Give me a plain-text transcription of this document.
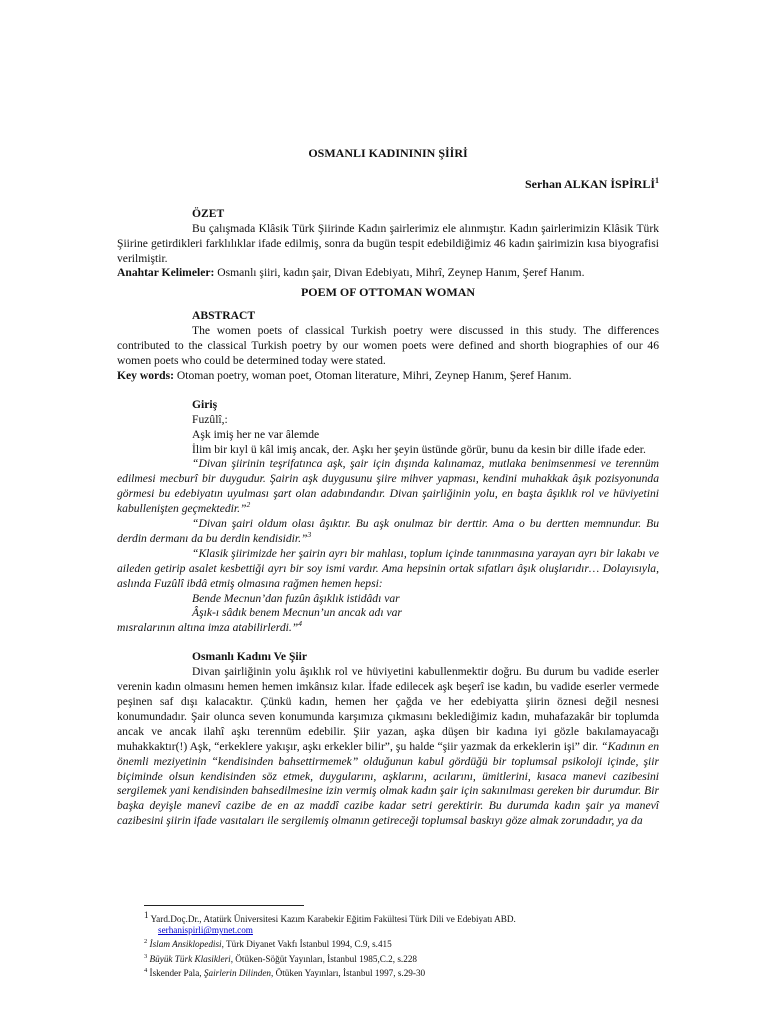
OSMANLI KADINININ ŞİİRİ
Serhan ALKAN İSPİRLİ$^1$
ÖZET

Bu çalışmada Klâsik Türk Şiirinde Kadın şairlerimiz ele alınmıştır. Kadın şairlerimizin Klâsik Türk Şiirine getirdikleri farklılıklar ifade edilmiş, sonra da bugün tespit edebildiğimiz 46 kadın şairimizin kısa biyografisi verilmiştir.

Anahtar Kelimeler: Osmanlı şiiri, kadın şair, Divan Edebiyatı, Mihrî, Zeynep Hanım, Şeref Hanım.

POEM OF OTTOMAN WOMAN
ABSTRACT

The women poets of classical Turkish poetry were discussed in this study. The differences contributed to the classical Turkish poetry by our women poets were defined and shorth biographies of our 46 women poets who could be determined today were stated.

Key words: Otoman poetry, woman poet, Otoman literature, Mihri, Zeynep Hanım, Şeref Hanım.

Giriş

Fuzûlî,:

Aşk imiş her ne var âlemde

İlim bir kıyl ü kâl imiş ancak, der. Aşkı her şeyin üstünde görür, bunu da kesin bir dille ifade eder.

“Divan şiirinin teşrifatınca aşk, şair için dışında kalınamaz, mutlaka benimsenmesi ve terennüm edilmesi mecburî bir duygudur. Şairin aşk duygusunu şiire mihver yapması, kendini muhakkak âşık pozisyonunda görmesi bu edebiyatın uyulması şart olan adabındandır. Divan şairliğinin yolu, en başta âşıklık rol ve hüviyetini kabullenişten geçmektedir.”$^2$

“Divan şairi oldum olası âşıktır. Bu aşk onulmaz bir derttir. Ama o bu dertten memnundur. Bu derdin dermanı da bu derdin kendisidir.”$^3$

“Klasik şiirimizde her şairin ayrı bir mahlası, toplum içinde tanınmasına yarayan ayrı bir lakabı ve aileden getirip asalet kesbettiği ayrı bir soy ismi vardır. Ama hepsinin ortak sıfatları âşık oluşlarıdır… Dolayısıyla, aslında Fuzûlî ibdâ etmiş olmasına rağmen hemen hepsi:

Bende Mecnun’dan fuzûn âşıklık istidâdı var

Âşık-ı sâdık benem Mecnun’un ancak adı var

mısralarının altına imza atabilirlerdi.”$^4$

Osmanlı Kadını Ve Şiir

Divan şairliğinin yolu âşıklık rol ve hüviyetini kabullenmektir doğru. Bu durum bu vadide eserler verenin kadın olmasını hemen hemen imkânsız kılar. İfade edilecek aşk beşerî ise kadın, bu vadide eserler vermede peşinen saf dışı kalacaktır. Çünkü kadın, hemen her çağda ve her edebiyatta şiirin öznesi değil nesnesi konumundadır. Şair olunca seven konumunda karşımıza çıkmasını beklediğimiz kadın, muhafazakâr bir toplumda ancak ve ancak ilahî aşkı terennüm edebilir. Şiir yazan, aşka düşen bir kadına iyi gözle bakılamayacağı muhakkaktır(!) Aşk, “erkeklere yakışır, aşkı erkekler bilir”, şu halde “şiir yazmak da erkeklerin işi” dir. “Kadının en önemli meziyetinin “kendisinden bahsettirmemek” olduğunun kabul gördüğü bir toplumsal psikoloji içinde, şiir biçiminde olsun kendisinden söz etmek, duygularını, aşklarını, acılarını, ümitlerini, kısaca manevi cazibesini sergilemek yani kendisinden bahsedilmesine izin vermiş olmak kadın şair için sakınılması gereken bir durumdur. Bir başka deyişle manevî cazibe de en az maddî cazibe kadar setri gerektirir. Bu durumda kadın şair ya manevî cazibesini şiirin ifade vasıtaları ile sergilemiş olmanın getireceği toplumsal baskıyı göze almak zorundadır, ya da

$^1$ Yard.Doç.Dr., Atatürk Üniversitesi Kazım Karabekir Eğitim Fakültesi Türk Dili ve Edebiyatı ABD.

serhanispirli@mynet.com

$^2$ İslam Ansiklopedisi, Türk Diyanet Vakfı İstanbul 1994, C.9, s.415

$^3$ Büyük Türk Klasikleri, Ötüken-Söğüt Yayınları, İstanbul 1985,C.2, s.228

$^4$ İskender Pala, Şairlerin Dilinden, Ötüken Yayınları, İstanbul 1997, s.29-30
